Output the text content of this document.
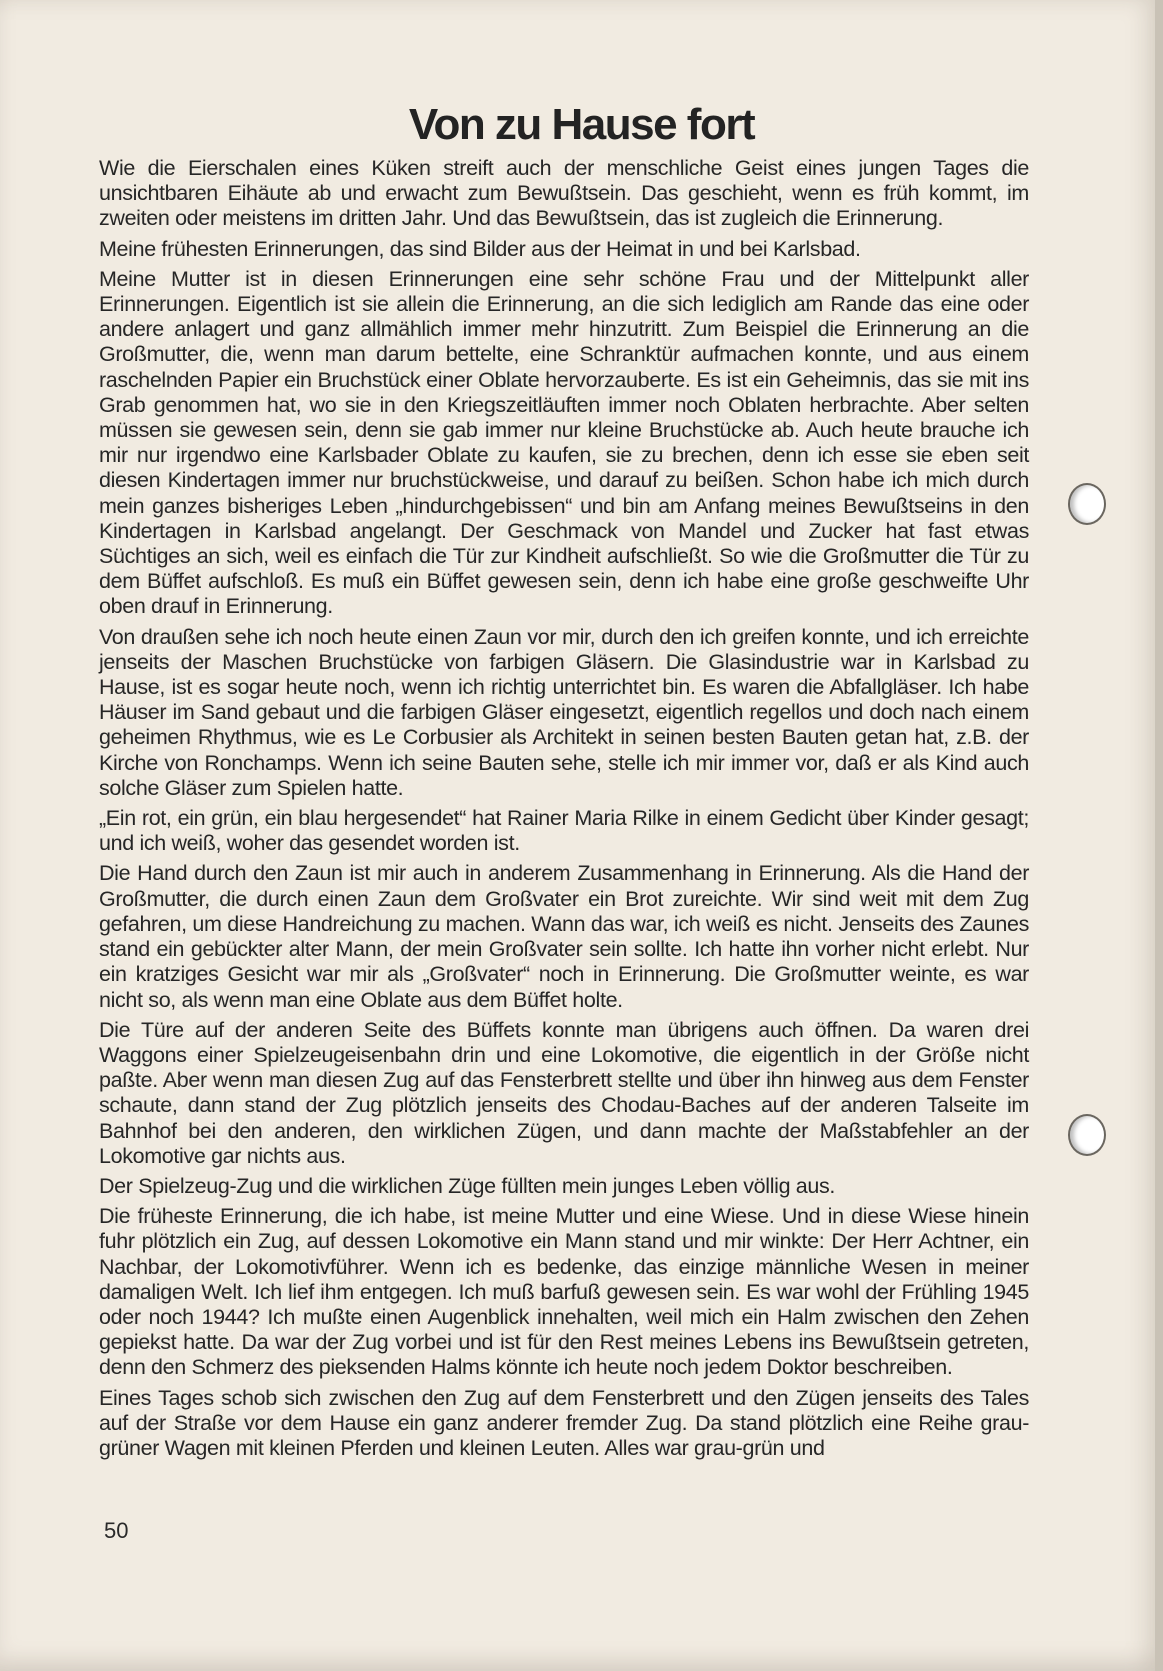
Von zu Hause fort

Wie die Eierschalen eines Küken streift auch der menschliche Geist eines jungen Tages die unsichtbaren Eihäute ab und erwacht zum Bewußtsein. Das geschieht, wenn es früh kommt, im zweiten oder meistens im dritten Jahr. Und das Bewußtsein, das ist zugleich die Erinnerung.

Meine frühesten Erinnerungen, das sind Bilder aus der Heimat in und bei Karlsbad.

Meine Mutter ist in diesen Erinnerungen eine sehr schöne Frau und der Mittelpunkt aller Erinnerungen. Eigentlich ist sie allein die Erinnerung, an die sich lediglich am Rande das eine oder andere anlagert und ganz allmählich immer mehr hinzutritt. Zum Beispiel die Erinnerung an die Großmutter, die, wenn man darum bettelte, eine Schranktür aufmachen konnte, und aus einem raschelnden Papier ein Bruchstück einer Oblate hervorzauberte. Es ist ein Geheimnis, das sie mit ins Grab genommen hat, wo sie in den Kriegszeitläuften immer noch Oblaten herbrachte. Aber selten müssen sie gewesen sein, denn sie gab immer nur kleine Bruchstücke ab. Auch heute brauche ich mir nur irgendwo eine Karlsbader Oblate zu kaufen, sie zu brechen, denn ich esse sie eben seit diesen Kindertagen immer nur bruchstückweise, und darauf zu beißen. Schon habe ich mich durch mein ganzes bisheriges Leben „hindurchgebissen“ und bin am Anfang meines Bewußtseins in den Kindertagen in Karlsbad angelangt. Der Geschmack von Mandel und Zucker hat fast etwas Süchtiges an sich, weil es einfach die Tür zur Kindheit aufschließt. So wie die Großmutter die Tür zu dem Büffet aufschloß. Es muß ein Büffet gewesen sein, denn ich habe eine große geschweifte Uhr oben drauf in Erinnerung.

Von draußen sehe ich noch heute einen Zaun vor mir, durch den ich greifen konnte, und ich erreichte jenseits der Maschen Bruchstücke von farbigen Gläsern. Die Glasindustrie war in Karlsbad zu Hause, ist es sogar heute noch, wenn ich richtig unterrichtet bin. Es waren die Abfallgläser. Ich habe Häuser im Sand gebaut und die farbigen Gläser eingesetzt, eigentlich regellos und doch nach einem geheimen Rhythmus, wie es Le Corbusier als Architekt in seinen besten Bauten getan hat, z.B. der Kirche von Ronchamps. Wenn ich seine Bauten sehe, stelle ich mir immer vor, daß er als Kind auch solche Gläser zum Spielen hatte.

„Ein rot, ein grün, ein blau hergesendet“ hat Rainer Maria Rilke in einem Gedicht über Kinder gesagt; und ich weiß, woher das gesendet worden ist.

Die Hand durch den Zaun ist mir auch in anderem Zusammenhang in Erinnerung. Als die Hand der Großmutter, die durch einen Zaun dem Großvater ein Brot zureichte. Wir sind weit mit dem Zug gefahren, um diese Handreichung zu machen. Wann das war, ich weiß es nicht. Jenseits des Zaunes stand ein gebückter alter Mann, der mein Großvater sein sollte. Ich hatte ihn vorher nicht erlebt. Nur ein kratziges Gesicht war mir als „Großvater“ noch in Erinnerung. Die Großmutter weinte, es war nicht so, als wenn man eine Oblate aus dem Büffet holte.

Die Türe auf der anderen Seite des Büffets konnte man übrigens auch öffnen. Da waren drei Waggons einer Spielzeugeisenbahn drin und eine Lokomotive, die eigentlich in der Größe nicht paßte. Aber wenn man diesen Zug auf das Fensterbrett stellte und über ihn hinweg aus dem Fenster schaute, dann stand der Zug plötzlich jenseits des Chodau-Baches auf der anderen Talseite im Bahnhof bei den anderen, den wirklichen Zügen, und dann machte der Maßstabfehler an der Lokomotive gar nichts aus.

Der Spielzeug-Zug und die wirklichen Züge füllten mein junges Leben völlig aus.

Die früheste Erinnerung, die ich habe, ist meine Mutter und eine Wiese. Und in diese Wiese hinein fuhr plötzlich ein Zug, auf dessen Lokomotive ein Mann stand und mir winkte: Der Herr Achtner, ein Nachbar, der Lokomotivführer. Wenn ich es bedenke, das einzige männliche Wesen in meiner damaligen Welt. Ich lief ihm entgegen. Ich muß barfuß gewesen sein. Es war wohl der Frühling 1945 oder noch 1944? Ich mußte einen Augenblick innehalten, weil mich ein Halm zwischen den Zehen gepiekst hatte. Da war der Zug vorbei und ist für den Rest meines Lebens ins Bewußtsein getreten, denn den Schmerz des pieksenden Halms könnte ich heute noch jedem Doktor beschreiben.

Eines Tages schob sich zwischen den Zug auf dem Fensterbrett und den Zügen jenseits des Tales auf der Straße vor dem Hause ein ganz anderer fremder Zug. Da stand plötzlich eine Reihe grau-grüner Wagen mit kleinen Pferden und kleinen Leuten. Alles war grau-grün und

50
